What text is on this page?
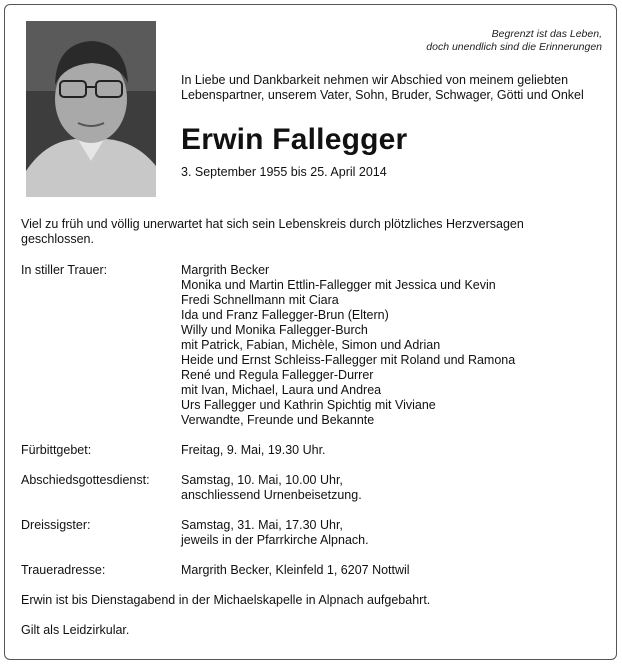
Begrenzt ist das Leben,
doch unendlich sind die Erinnerungen
In Liebe und Dankbarkeit nehmen wir Abschied von meinem geliebten Lebenspartner, unserem Vater, Sohn, Bruder, Schwager, Götti und Onkel
Erwin Fallegger
3. September 1955 bis 25. April 2014
Viel zu früh und völlig unerwartet hat sich sein Lebenskreis durch plötzliches Herzversagen geschlossen.
In stiller Trauer:	Margrith Becker
Monika und Martin Ettlin-Fallegger mit Jessica und Kevin
Fredi Schnellmann mit Ciara
Ida und Franz Fallegger-Brun (Eltern)
Willy und Monika Fallegger-Burch
mit Patrick, Fabian, Michèle, Simon und Adrian
Heide und Ernst Schleiss-Fallegger mit Roland und Ramona
René und Regula Fallegger-Durrer
mit Ivan, Michael, Laura und Andrea
Urs Fallegger und Kathrin Spichtig mit Viviane
Verwandte, Freunde und Bekannte
Fürbittgebet:	Freitag, 9. Mai, 19.30 Uhr.
Abschiedsgottesdienst:	Samstag, 10. Mai, 10.00 Uhr,
anschliessend Urnenbeisetzung.
Dreissigster:	Samstag, 31. Mai, 17.30 Uhr,
jeweils in der Pfarrkirche Alpnach.
Traueradresse:	Margrith Becker, Kleinfeld 1, 6207 Nottwil
Erwin ist bis Dienstagabend in der Michaelskapelle in Alpnach aufgebahrt.
Gilt als Leidzirkular.
